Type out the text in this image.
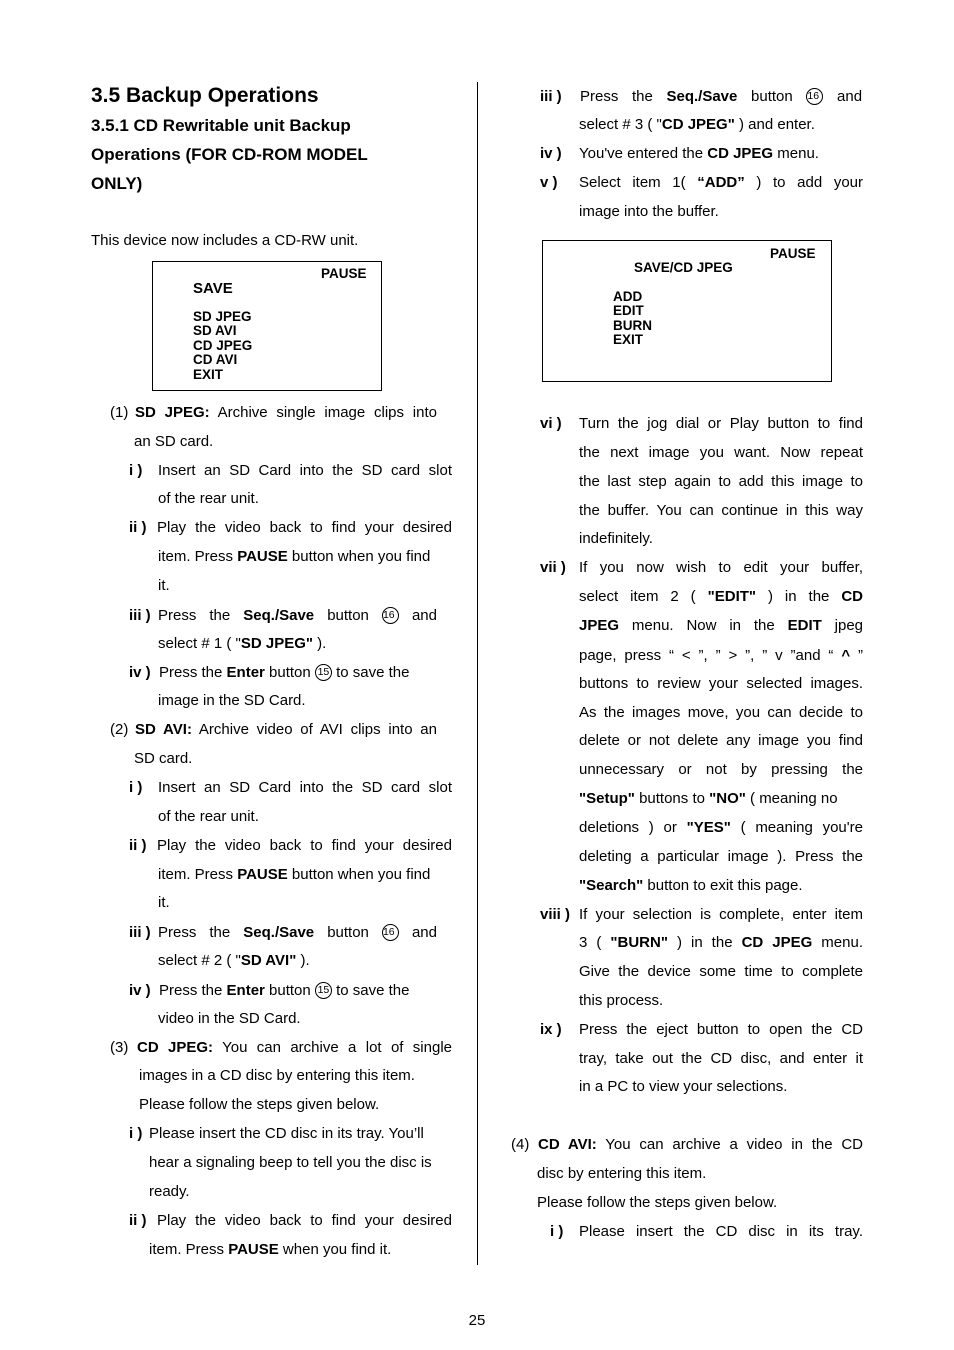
3.5 Backup Operations
3.5.1 CD Rewritable unit Backup
Operations (FOR CD-ROM MODEL
ONLY)
This device now includes a CD-RW unit.
PAUSE
SAVE
SD JPEG
SD AVI
CD JPEG
CD AVI
EXIT
(1) SD JPEG: Archive single image clips into
an SD card.
i ) Insert an SD Card into the SD card slot
of the rear unit.
ii ) Play the video back to find your desired
item. Press PAUSE button when you find
it.
iii ) Press the Seq./Save button 16 and
select # 1 ( "SD JPEG" ).
iv ) Press the Enter button 15 to save the
image in the SD Card.
(2) SD AVI: Archive video of AVI clips into an
SD card.
i ) Insert an SD Card into the SD card slot
of the rear unit.
ii ) Play the video back to find your desired
item. Press PAUSE button when you find
it.
iii ) Press the Seq./Save button 16 and
select # 2 ( "SD AVI" ).
iv ) Press the Enter button 15 to save the
video in the SD Card.
(3) CD JPEG: You can archive a lot of single
images in a CD disc by entering this item.
Please follow the steps given below.
i ) Please insert the CD disc in its tray. You’ll
hear a signaling beep to tell you the disc is
ready.
ii ) Play the video back to find your desired
item. Press PAUSE when you find it.
iii ) Press the Seq./Save button 16 and
select # 3 ( "CD JPEG" ) and enter.
iv ) You've entered the CD JPEG menu.
v ) Select item 1( “ADD” ) to add your
image into the buffer.
PAUSE
SAVE/CD JPEG
ADD
EDIT
BURN
EXIT
vi ) Turn the jog dial or Play button to find
the next image you want. Now repeat
the last step again to add this image to
the buffer. You can continue in this way
indefinitely.
vii ) If you now wish to edit your buffer,
select item 2 ( "EDIT" ) in the CD
JPEG menu. Now in the EDIT jpeg
page, press “ < ”, ” > ”, ” v ”and “ ^ ”
buttons to review your selected images.
As the images move, you can decide to
delete or not delete any image you find
unnecessary or not by pressing the
"Setup" buttons to "NO" ( meaning no
deletions ) or "YES" ( meaning you're
deleting a particular image ). Press the
"Search" button to exit this page.
viii ) If your selection is complete, enter item
3 ( "BURN" ) in the CD JPEG menu.
Give the device some time to complete
this process.
ix ) Press the eject button to open the CD
tray, take out the CD disc, and enter it
in a PC to view your selections.
(4) CD AVI: You can archive a video in the CD
disc by entering this item.
Please follow the steps given below.
i ) Please insert the CD disc in its tray.
25
